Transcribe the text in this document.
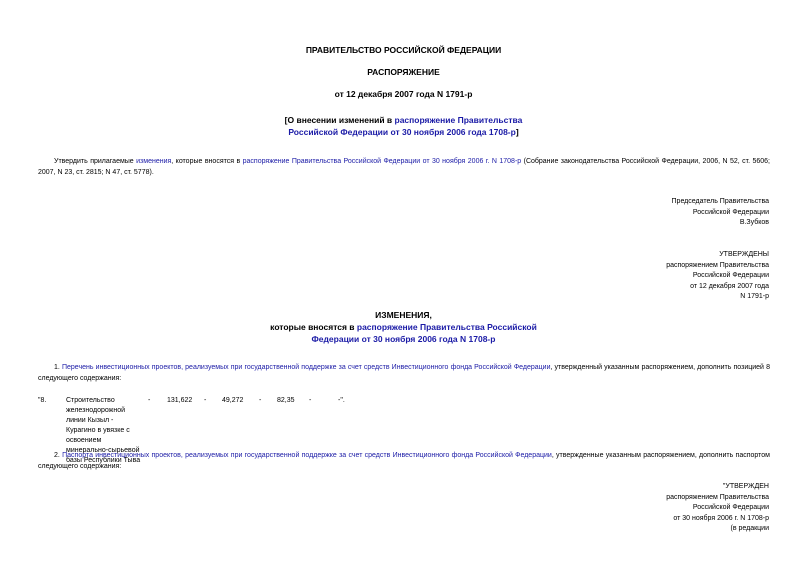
ПРАВИТЕЛЬСТВО РОССИЙСКОЙ ФЕДЕРАЦИИ
РАСПОРЯЖЕНИЕ
от 12 декабря 2007 года N 1791-р
[О внесении изменений в распоряжение Правительства Российской Федерации от 30 ноября 2006 года 1708-р]
Утвердить прилагаемые изменения, которые вносятся в распоряжение Правительства Российской Федерации от 30 ноября 2006 г. N 1708-р (Собрание законодательства Российской Федерации, 2006, N 52, ст. 5606; 2007, N 23, ст. 2815; N 47, ст. 5778).
Председатель Правительства
Российской Федерации
В.Зубков
УТВЕРЖДЕНЫ
распоряжением Правительства
Российской Федерации
от 12 декабря 2007 года
N 1791-р
ИЗМЕНЕНИЯ,
которые вносятся в распоряжение Правительства Российской
Федерации от 30 ноября 2006 года N 1708-р
1. Перечень инвестиционных проектов, реализуемых при государственной поддержке за счет средств Инвестиционного фонда Российской Федерации, утвержденный указанным распоряжением, дополнить позицией 8 следующего содержания:
"8.	Строительство железнодорожной линии Кызыл - Курагино в увязке с освоением минерально-сырьевой базы Республики Тыва
- 131,622 - 49,272 - 82,35 -	-".
2. Паспорта инвестиционных проектов, реализуемых при государственной поддержке за счет средств Инвестиционного фонда Российской Федерации, утвержденные указанным распоряжением, дополнить паспортом следующего содержания:
"УТВЕРЖДЕН
распоряжением Правительства
Российской Федерации
от 30 ноября 2006 г. N 1708-р
(в редакции
